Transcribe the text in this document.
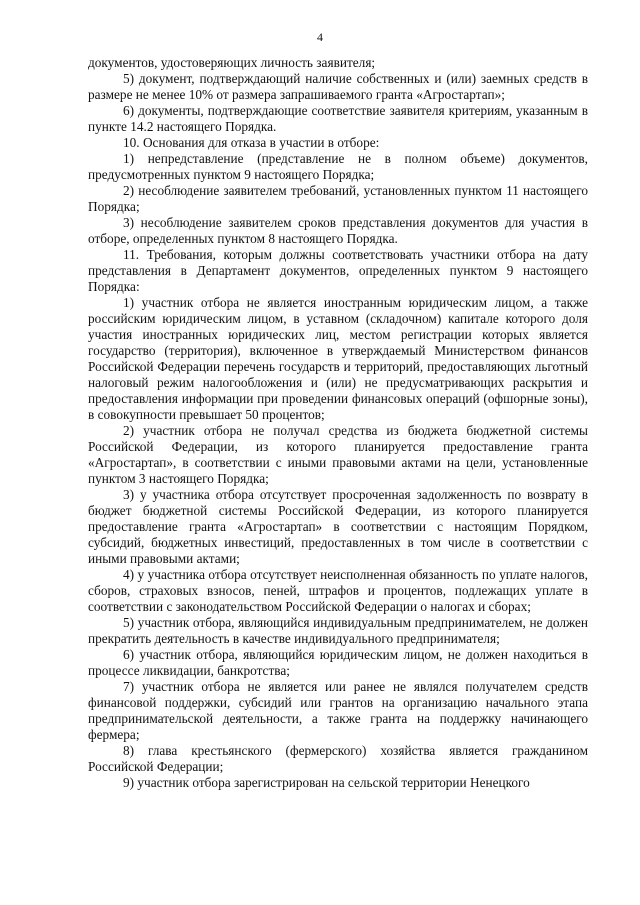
4

документов, удостоверяющих личность заявителя;

5) документ, подтверждающий наличие собственных и (или) заемных средств в размере не менее 10% от размера запрашиваемого гранта «Агростартап»;

6) документы, подтверждающие соответствие заявителя критериям, указанным в пункте 14.2 настоящего Порядка.

10. Основания для отказа в участии в отборе:

1) непредставление (представление не в полном объеме) документов, предусмотренных пунктом 9 настоящего Порядка;

2) несоблюдение заявителем требований, установленных пунктом 11 настоящего Порядка;

3) несоблюдение заявителем сроков представления документов для участия в отборе, определенных пунктом 8 настоящего Порядка.

11. Требования, которым должны соответствовать участники отбора на дату представления в Департамент документов, определенных пунктом 9 настоящего Порядка:

1) участник отбора не является иностранным юридическим лицом, а также российским юридическим лицом, в уставном (складочном) капитале которого доля участия иностранных юридических лиц, местом регистрации которых является государство (территория), включенное в утверждаемый Министерством финансов Российской Федерации перечень государств и территорий, предоставляющих льготный налоговый режим налогообложения и (или) не предусматривающих раскрытия и предоставления информации при проведении финансовых операций (офшорные зоны), в совокупности превышает 50 процентов;

2) участник отбора не получал средства из бюджета бюджетной системы Российской Федерации, из которого планируется предоставление гранта «Агростартап», в соответствии с иными правовыми актами на цели, установленные пунктом 3 настоящего Порядка;

3) у участника отбора отсутствует просроченная задолженность по возврату в бюджет бюджетной системы Российской Федерации, из которого планируется предоставление гранта «Агростартап» в соответствии с настоящим Порядком, субсидий, бюджетных инвестиций, предоставленных в том числе в соответствии с иными правовыми актами;

4) у участника отбора отсутствует неисполненная обязанность по уплате налогов, сборов, страховых взносов, пеней, штрафов и процентов, подлежащих уплате в соответствии с законодательством Российской Федерации о налогах и сборах;

5) участник отбора, являющийся индивидуальным предпринимателем, не должен прекратить деятельность в качестве индивидуального предпринимателя;

6) участник отбора, являющийся юридическим лицом, не должен находиться в процессе ликвидации, банкротства;

7) участник отбора не является или ранее не являлся получателем средств финансовой поддержки, субсидий или грантов на организацию начального этапа предпринимательской деятельности, а также гранта на поддержку начинающего фермера;

8) глава крестьянского (фермерского) хозяйства является гражданином Российской Федерации;

9) участник отбора зарегистрирован на сельской территории Ненецкого
